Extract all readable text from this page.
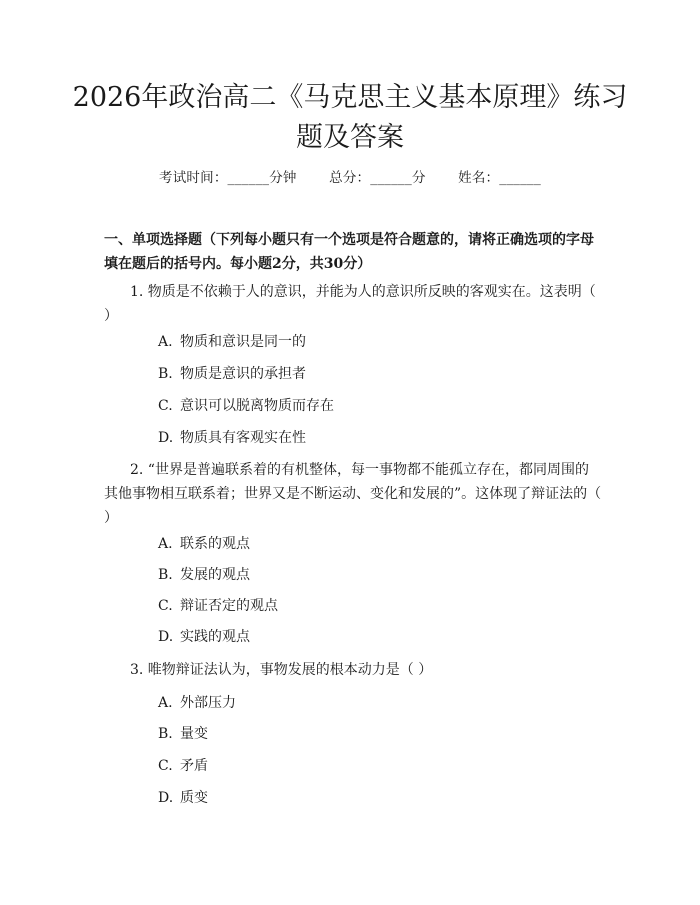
2026年政治高二《马克思主义基本原理》练习题及答案
考试时间：______分钟 总分：______分 姓名：______
一、单项选择题（下列每小题只有一个选项是符合题意的，请将正确选项的字母填在题后的括号内。每小题2分，共30分）
1. 物质是不依赖于人的意识，并能为人的意识所反映的客观实在。这表明（ ）
A. 物质和意识是同一的
B. 物质是意识的承担者
C. 意识可以脱离物质而存在
D. 物质具有客观实在性
2. “世界是普遍联系着的有机整体，每一事物都不能孤立存在，都同周围的其他事物相互联系着；世界又是不断运动、变化和发展的”。这体现了辩证法的（ ）
A. 联系的观点
B. 发展的观点
C. 辩证否定的观点
D. 实践的观点
3. 唯物辩证法认为，事物发展的根本动力是（ ）
A. 外部压力
B. 量变
C. 矛盾
D. 质变
